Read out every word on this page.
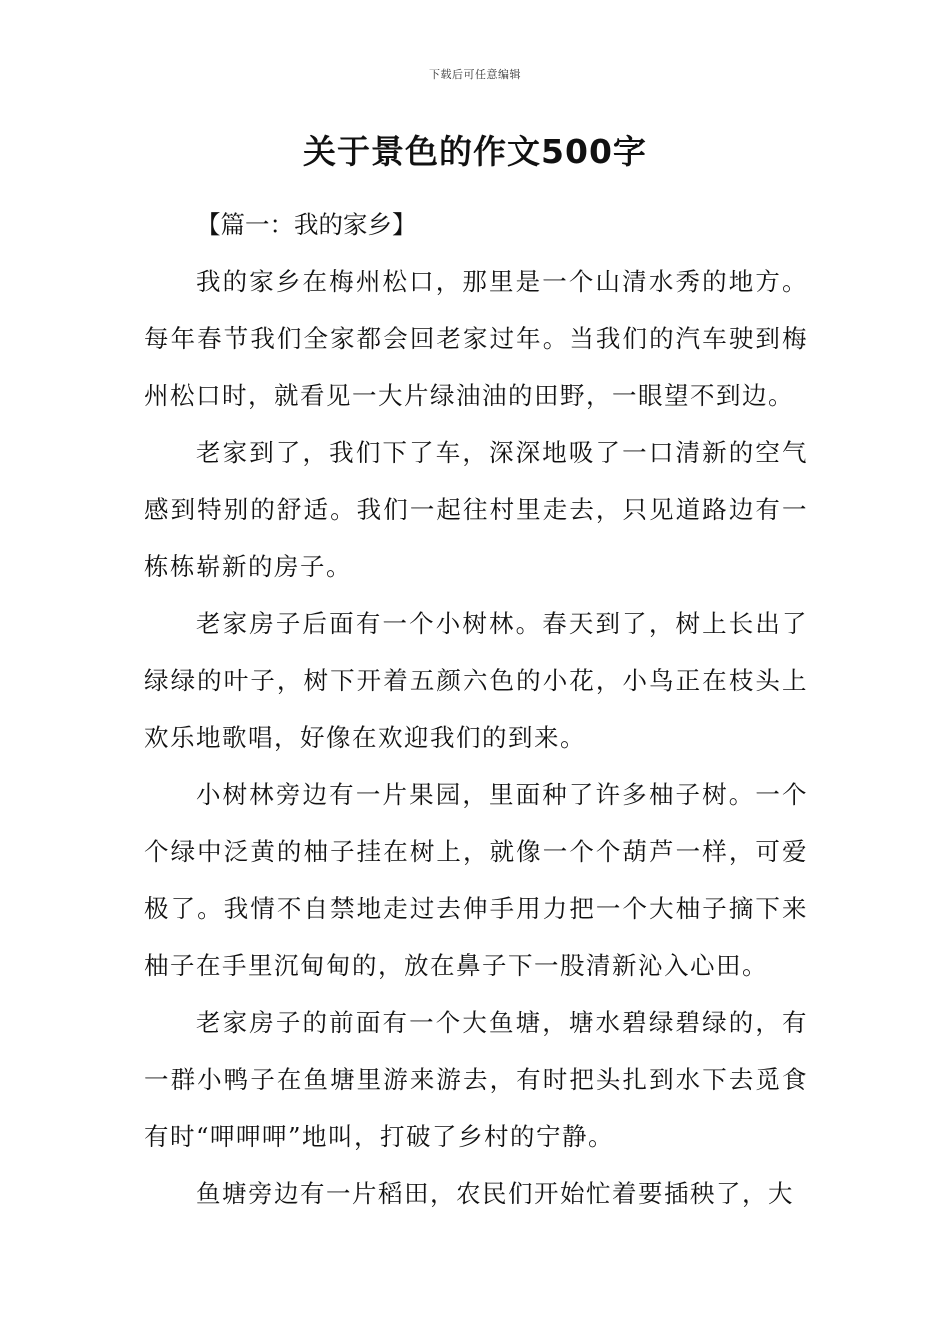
下载后可任意编辑
关于景色的作文500字

【篇一：我的家乡】

我的家乡在梅州松口，那里是一个山清水秀的地方。每年春节我们全家都会回老家过年。当我们的汽车驶到梅州松口时，就看见一大片绿油油的田野，一眼望不到边。

老家到了，我们下了车，深深地吸了一口清新的空气感到特别的舒适。我们一起往村里走去，只见道路边有一栋栋崭新的房子。

老家房子后面有一个小树林。春天到了，树上长出了绿绿的叶子，树下开着五颜六色的小花，小鸟正在枝头上欢乐地歌唱，好像在欢迎我们的到来。

小树林旁边有一片果园，里面种了许多柚子树。一个个绿中泛黄的柚子挂在树上，就像一个个葫芦一样，可爱极了。我情不自禁地走过去伸手用力把一个大柚子摘下来柚子在手里沉甸甸的，放在鼻子下一股清新沁入心田。

老家房子的前面有一个大鱼塘，塘水碧绿碧绿的，有一群小鸭子在鱼塘里游来游去，有时把头扎到水下去觅食有时“呷呷呷”地叫，打破了乡村的宁静。

鱼塘旁边有一片稻田，农民们开始忙着要插秧了，大
